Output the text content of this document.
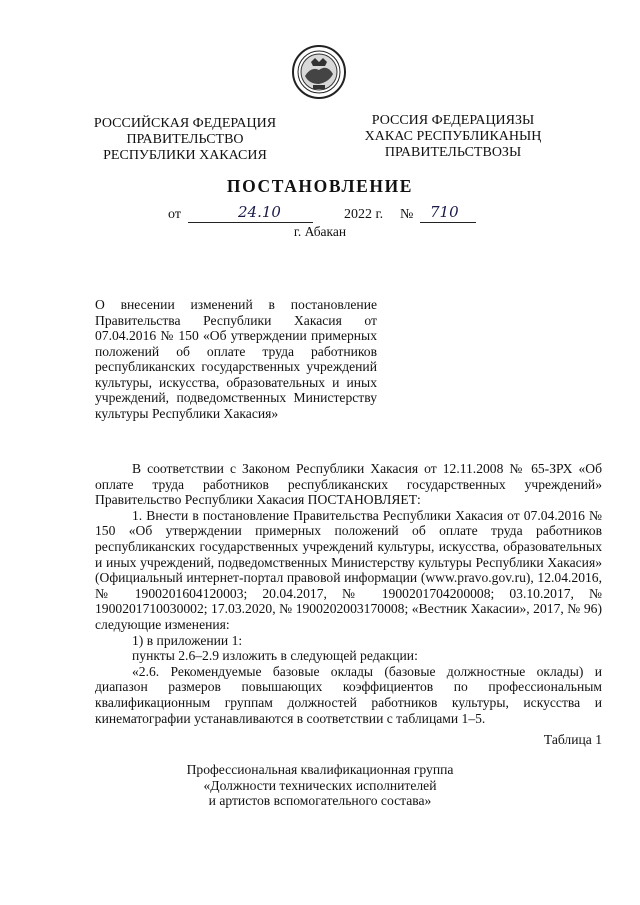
РОССИЙСКАЯ ФЕДЕРАЦИЯ
ПРАВИТЕЛЬСТВО
РЕСПУБЛИКИ ХАКАСИЯ
РОССИЯ ФЕДЕРАЦИЯЗЫ
ХАКАС РЕСПУБЛИКАНЫҢ
ПРАВИТЕЛЬСТВОЗЫ
ПОСТАНОВЛЕНИЕ
от	24.10	2022 г. № 710
г. Абакан
О внесении изменений в постановление Правительства Республики Хакасия от 07.04.2016 № 150 «Об утверждении примерных положений об оплате труда работников республиканских государственных учреждений культуры, искусства, образовательных и иных учреждений, подведомственных Министерству культуры Республики Хакасия»

В соответствии с Законом Республики Хакасия от 12.11.2008 № 65-ЗРХ «Об оплате труда работников республиканских государственных учреждений» Правительство Республики Хакасия ПОСТАНОВЛЯЕТ:

1. Внести в постановление Правительства Республики Хакасия от 07.04.2016 № 150 «Об утверждении примерных положений об оплате труда работников республиканских государственных учреждений культуры, искусства, образовательных и иных учреждений, подведомственных Министерству культуры Республики Хакасия» (Официальный интернет-портал правовой информации (www.pravo.gov.ru), 12.04.2016, № 1900201604120003; 20.04.2017, № 1900201704200008; 03.10.2017, № 1900201710030002; 17.03.2020, № 1900202003170008; «Вестник Хакасии», 2017, № 96) следующие изменения:

1) в приложении 1:

пункты 2.6–2.9 изложить в следующей редакции:

«2.6. Рекомендуемые базовые оклады (базовые должностные оклады) и диапазон размеров повышающих коэффициентов по профессиональным квалификационным группам должностей работников культуры, искусства и кинематографии устанавливаются в соответствии с таблицами 1–5.

Таблица 1
Профессиональная квалификационная группа
«Должности технических исполнителей
и артистов вспомогательного состава»
